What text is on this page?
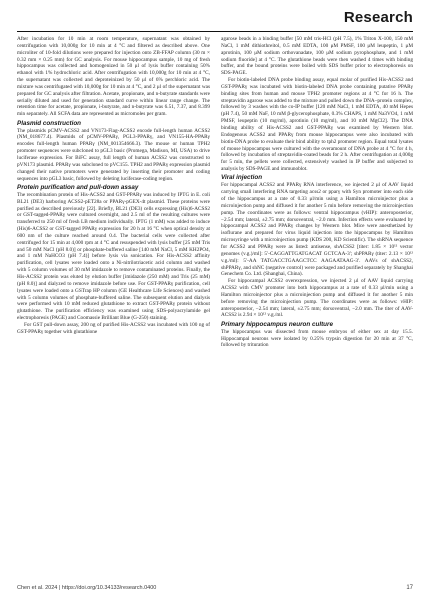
Research

After incubation for 10 min at room temperature, supernatant was obtained by centrifugation with 10,000g for 10 min at 4 °C and filtered as described above. One microliter of 10-fold dilutions were prepared for injection onto ZB-FFAP column (30 m × 0.32 mm × 0.25 mm) for GC analysis. For mouse hippocampus sample, 10 mg of fresh hippocampus was collected and homogenized in 50 μl of lysis buffer containing 50% ethanol with 1% hydrochloric acid. After centrifugation with 10,000g for 10 min at 4 °C, the supernatant was collected and deproteinized by 50 μl of 6% perchloric acid. The mixture was centrifugated with 10,000g for 10 min at 4 °C, and 2 μl of the supernatant was prepared for GC analysis after filtration. Acetate, propionate, and n-butyrate standards were serially diluted and used for generation standard curve within linear range change. The retention time for acetate, propionate, i-butyrate, and n-butyrate was 6.51, 7.37, and 8.399 min separately. All SCFA data are represented as micromoles per gram.

Plasmid construction

The plasmids pCMV-ACSS2 and VN173-Flag-ACSS2 encode full-length human ACSS2 (NM_018677.4). Plasmids of pCMV-PPARγ, PGL3-PPARγ, and VN155-HA-PPARγ encodes full-length human PPARγ (NM_001354666.3). The mouse or human TPH2 promoter sequences were subcloned to pGL3 basic (Promega, Madison, MI, USA) to drive luciferase expression. For BiFC assay, full length of human ACSS2 was constructed to pVN173 plasmid. PPARγ was subcloned to pVC155. TPH2 and PPARγ expression plasmid changed their native promoters were generated by inserting their promoter and coding sequences into pGL3 basic, followed by deleting luciferase-coding region.

Protein purification and pull-down assay

The recombination protein of His-ACSS2 and GST-PPARγ was induced by IPTG in E. coli BL21 (DE3) harboring ACSS2-pET28a or PPARγ-pGEX-4t plasmid. These proteins were purified as described previously [22]. Briefly, BL21 (DE3) cells expressing (His)6-ACSS2 or GST-tagged-PPARγ were cultured overnight, and 2.5 ml of the resulting cultures were transferred to 250 ml of fresh LB medium individually. IPTG (1 mM) was added to induce (His)6-ACSS2 or GST-tagged PPARγ expression for 20 h at 16 °C when optical density at 600 nm of the culture reached around 0.4. The bacterial cells were collected after centrifuged for 15 min at 4,000 rpm at 4 °C and resuspended with lysis buffer [25 mM Tris and 50 mM NaCl (pH 8.0)] or phosphate-buffered saline [140 mM NaCl, 5 mM KH2PO4, and 1 mM NaHCO3 (pH 7.4)] before lysis via sonication. For His-ACSS2 affinity purification, cell lysates were loaded onto a Ni-nitrilotriacetic acid column and washed with 5 column volumes of 30 mM imidazole to remove contaminated proteins. Finally, the His-ACSS2 protein was eluted by elution buffer [imidazole (250 mM) and Tris (25 mM) (pH 8.0)] and dialyzed to remove imidazole before use. For GST-PPARγ purification, cell lysates were loaded onto a GSTrap HP column (GE Healthcare Life Sciences) and washed with 5 column volumes of phosphate-buffered saline. The subsequent elution and dialysis were performed with 10 mM reduced glutathione to extract GST-PPARγ protein without glutathione. The purification efficiency was examined using SDS-polyacrylamide gel electrophoresis (PAGE) and Coomassie Brilliant Blue (G-250) staining.

For GST pull-down assay, 200 ng of purified His-ACSS2 was incubated with 100 ng of GST-PPARγ together with glutathione

agarose beads in a binding buffer [50 mM tris-HCl (pH 7.5), 1% Triton X-100, 150 mM NaCl, 1 mM dithiothreitol, 0.5 mM EDTA, 100 μM PMSF, 100 μM leupeptin, 1 μM aprotinin, 100 μM sodium orthovanadate, 100 μM sodium pyrophosphate, and 1 mM sodium fluoride] at 4 °C. The glutathione beads were then washed 4 times with binding buffer, and the bound proteins were boiled with SDS buffer prior to electrophoresis on SDS-PAGE.

For biotin-labeled DNA probe binding assay, equal molar of purified His-ACSS2 and GST-PPARγ was incubated with biotin-labeled DNA probe containing putative PPARγ binding sites from human and mouse TPH2 promoter regions at 4 °C for 16 h. The streptavidin agarose was added to the mixture and pulled down the DNA–protein complex, followed by 3 washes with the co-IP buffer [120 mM NaCl, 1 mM EDTA, 40 mM Hepes (pH 7.4), 50 mM NaF, 10 mM β-glycerophosphate, 0.3% CHAPS, 1 mM Na3VO4, 1 mM PMSF, leupeptin (10 mg/ml), aprotinin (10 mg/ml), and 10 mM MgCl2]. The DNA binding ability of His-ACSS2 and GST-PPARγ was examined by Western blot. Endogenous ACSS2 and PPARγ from mouse hippocampus were also incubated with biotin-DNA probe to evaluate their bind ability to tph2 promoter region. Equal total lysates of mouse hippocampus were cultured with the overamount of DNA probe at 4 °C for 4 h, followed by incubation of streptavidin-coated beads for 2 h. After centrifugation at 4,000g for 5 min, the pellets were collected, extensively washed in IP buffer and subjected to analysis by SDS-PAGE and immunoblot.

Viral injection

For hippocampal ACSS2 and PPARγ RNA interference, we injected 2 μl of AAV liquid carrying small interfering RNA targeting acss2 or pparγ with Syn promoter into each side of the hippocampus at a rate of 0.33 μl/min using a Hamilton microinjector plus a microinjection pump and diffused it for another 5 min before removing the microinjection pump. The coordinates were as follows: ventral hippocampus (vHIP): anteroposterior, −2.54 mm; lateral, ±2.75 mm; dorsoventral, −2.0 mm. Infection effects were evaluated by hippocampal ACSS2 and PPARγ changes by Western blot. Mice were anesthetized by isoflurane and prepared for virus liquid injection into the hippocampus by Hamilton microsyringe with a microinjection pump (KDS 200, KD Scientific). The shRNA sequence for ACSS2 and PPARγ were as listed: antisense, shACSS2 [titer: 1.85 × 10¹² vector genomes (v.g.)/ml]: 5′-CAGGATTGATGACAT GCTCAA-3′; shPPARγ (titer: 2.13 × 10¹² v.g./ml): 5′-AA TATGACCTGAAGCTCC AAGAATAAG-3′. AAVs of shACSS2, shPPARγ, and shNC (negative control) were packaged and purified separately by Shanghai Genechem Co. Ltd. (Shanghai, China).

For hippocampal ACSS2 overexpression, we injected 2 μl of AAV liquid carrying ACSS2 with CMV promoter into both hippocampus at a rate of 0.33 μl/min using a Hamilton microinjector plus a microinjection pump and diffused it for another 5 min before removing the microinjection pump. The coordinates were as follows: vHIP: anteroposterior, −2.54 mm; lateral, ±2.75 mm; dorsoventral, −2.0 mm. The titer of AAV-ACSS2 is 2.94 × 10¹² v.g./ml.

Primary hippocampus neuron culture

The hippocampus was dissected from mouse embryos of either sex at day 15.5. Hippocampal neurons were isolated by 0.25% trypsin digestion for 20 min at 37 °C, followed by trituration

Chen et al. 2024 | https://doi.org/10.34133/research.0400	17
